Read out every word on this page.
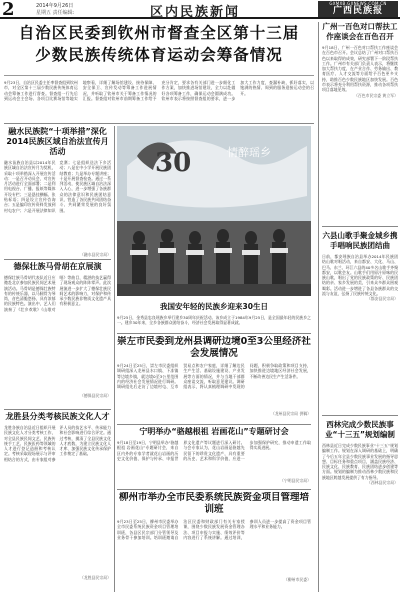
2	2014年9月26日
星期五 责任编辑:	区内民族新闻
GXMXB.GXNEWS.COM.CN
广西民族报
自治区民委到钦州市督查全区第十三届
少数民族传统体育运动会筹备情况

9月23日，自治区民委主任率督查组到钦州市，对全区第十三届少数民族传统体育运动会筹备工作进行督查。督查组一行先后到运动会主会场、各项目比赛场馆等地实地察看，详细了解场馆建设、接待保障、安全保卫、宣传发动等筹备工作进展情况，并听取了钦州市关于筹备工作情况的汇报。督查组对钦州市前期筹备工作给予充分肯定，要求各有关部门进一步细化工作方案，加快推进场馆建设，全力以赴做好各项筹备工作，确保运动会圆满成功。钦州市表示将按照督查组的要求，进一步加大工作力度，查漏补缺，抓好落实，以饱满的热情、周到的服务迎接运动会的召开。

融水民族院“十项举措”深化 2014民族区域自治法宣传月活动

融水苗族自治县以2014年民族区域自治法宣传月为契机，采取十项举措深入开展宣传活动：一是召开动员会，对宣传月活动进行全面部署；二是利用电视台、广播、报纸等媒体开设专栏；三是悬挂横幅、张贴标语；四是设立宣传咨询台；五是编印宣传资料发放到村屯农户；六是开展法律知识竞赛；七是组织送法下乡活动；八是在中小学开展民族团结教育；九是举办专题讲座；十是开展督查检查。通过一系列活动，使民族区域自治法深入人心，进一步增强了各族群众的法律意识和民族团结意识，营造了各民族共同团结奋斗、共同繁荣发展的良好氛围。

（融水县民宗局）

德保壮族马骨胡在京展演

德保壮族马骨胡代表队近日应邀赴北京参加民族民间艺术展演活动。马骨胡是德保壮族特有的传统乐器，以马腿骨为琴筒，音色清脆悠扬，具有浓郁的民族特色。演出中，艺人们演奏了《壮乡欢歌》《山歌对唱》等曲目，精湛的技艺赢得了现场观众的阵阵掌声。此次展演进一步扩大了德保壮族民间艺术的影响力，对保护和传承少数民族非物质文化遗产具有积极意义。

（德保县民宗局）

龙胜县分类考核民族文化人才

龙胜各族自治县近日组织开展民族文化人才分类考核工作，对全县民族民间文艺、民族传统手工艺、民族医药等领域的人才进行登记造册和考核认定。考核采取现场展示与评审相结合的方式，由专家组对参评人员的技艺水平、传承能力和社会影响进行综合评定。通过考核，摸清了全县民族文化人才底数，为建立民族文化人才库、加强民族文化传承保护工作奠定了基础。

（龙胜县民宗局）

30	情醉瑶乡
我国安年轻的民族乡迎来30生日

9月25日，金秀县忠良瑶族乡举行建乡30周年庆祝活动。该乡成立于1984年9月25日，是全国最年轻的民族乡之一。建乡30年来，全乡各族群众团结奋斗，经济社会发展取得显著成就。

崇左市民委到龙州县调研边境0至3公里经济社会发展情况

9月24日至25日，崇左市民委组织调研组深入龙州县水口镇、下冻镇等边境乡镇，就边境0至3公里范围内的经济社会发展情况进行调研。调研组先后走访了边境村屯、互市贸易点和农户家庭，详细了解边民生产生活、基础设施建设、产业发展等方面的情况，并与当地干部群众座谈交流，听取意见建议。调研组表示，将认真梳理调研中发现的问题，积极争取政策和项目支持，加快推进边境地区经济社会发展，不断改善边民生产生活条件。

（龙州县民宗局 供稿）

宁明举办“骆越根祖 岩画花山”专题研讨会

9月18日至19日，宁明县举办“骆越根祖 岩画花山”专题研讨会，来自区内外的专家学者就花山岩画的历史文化价值、保护与传承、申报世界文化遗产等议题进行深入研讨。与会专家认为，花山岩画是骆越先民留下的珍贵文化遗产，具有重要的历史、艺术和科学价值，应进一步加强保护研究，推动申遗工作取得实质进展。

（宁明县民宗局）

柳州市举办全市民委系统民族资金项目管理培训班

9月23日至25日，柳州市民委举办全市民委系统民族资金项目管理培训班，各县区民宗部门分管领导及业务骨干参加培训。培训班邀请自治区民委和财政部门有关专家授课，围绕少数民族发展资金管理办法、项目申报与实施、绩效评价等内容进行了系统讲解。通过培训，参训人员进一步提高了资金项目管理水平和业务能力。

（柳州市民委）

广州一百色对口帮扶工作座谈会在百色召开

9月18日，广州一百色对口帮扶工作座谈会在百色市召开。会议总结了广州对口帮扶百色以来取得的成效，研究部署下一阶段帮扶工作。广州市有关部门负责人表示，将继续加大帮扶力度，在产业合作、劳务输出、教育医疗、人才交流等方面给予百色更多支持，助推百色少数民族地区加快发展。百色市表示将充分利用帮扶资源，推动各项帮扶项目落地见效。

（百色市民宗委 黄立军）

六县山歌手聚金城乡携手唱响民族团结曲

日前，都安瑶族自治县举办2014年民族团结山歌对唱活动，来自都安、大化、马山、巴马、东兰、环江六县的40多名山歌手齐聚都安，以歌会友。山歌手们用原汁原味的民族山歌，唱出了党的民族政策的好、民族团结的亲、家乡发展的美，引来众多群众围观喝彩。活动进一步增进了各县各族群众的交流与友谊，弘扬了民族传统文化。

（都安县民宗局）

西林完成少数民族事业“十三五”规划编制

西林县近日完成少数民族事业“十三五”规划编制工作。规划在深入调研的基础上，明确了今后五年全县少数民族事业发展的指导思想、目标任务和重点项目，涵盖民族经济、民族文化、民族教育、民族团结进步创建等方面。规划的编制为推动西林少数民族和民族地区跨越发展提供了有力指导。

（西林县民宗局）
